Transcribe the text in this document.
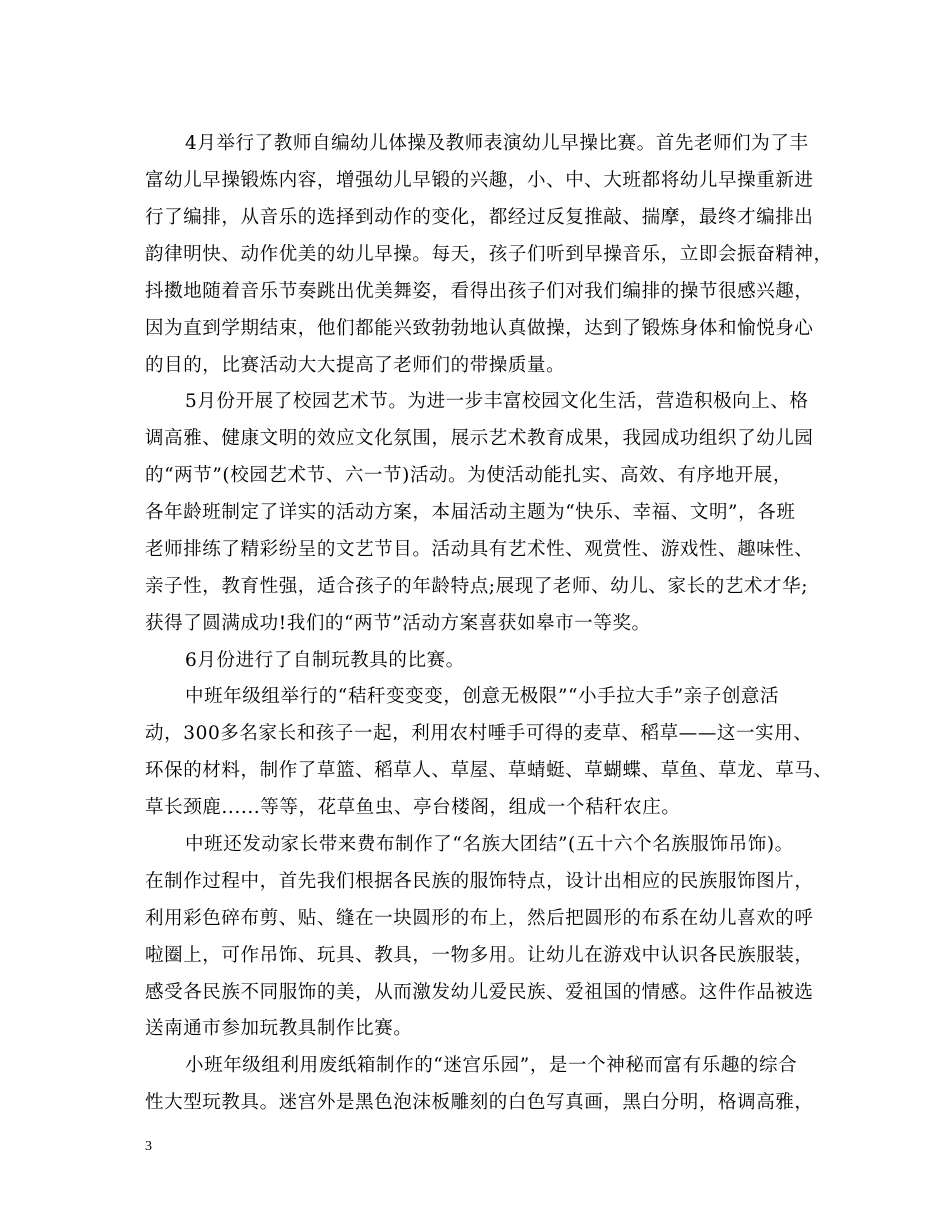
4月举行了教师自编幼儿体操及教师表演幼儿早操比赛。首先老师们为了丰
富幼儿早操锻炼内容，增强幼儿早锻的兴趣，小、中、大班都将幼儿早操重新进
行了编排，从音乐的选择到动作的变化，都经过反复推敲、揣摩，最终才编排出
韵律明快、动作优美的幼儿早操。每天，孩子们听到早操音乐，立即会振奋精神，
抖擞地随着音乐节奏跳出优美舞姿，看得出孩子们对我们编排的操节很感兴趣，
因为直到学期结束，他们都能兴致勃勃地认真做操，达到了锻炼身体和愉悦身心
的目的，比赛活动大大提高了老师们的带操质量。
5月份开展了校园艺术节。为进一步丰富校园文化生活，营造积极向上、格
调高雅、健康文明的效应文化氛围，展示艺术教育成果，我园成功组织了幼儿园
的“两节”(校园艺术节、六一节)活动。为使活动能扎实、高效、有序地开展，
各年龄班制定了详实的活动方案，本届活动主题为“快乐、幸福、文明”，各班
老师排练了精彩纷呈的文艺节目。活动具有艺术性、观赏性、游戏性、趣味性、
亲子性，教育性强，适合孩子的年龄特点;展现了老师、幼儿、家长的艺术才华;
获得了圆满成功!我们的“两节”活动方案喜获如皋市一等奖。
6月份进行了自制玩教具的比赛。
中班年级组举行的“秸秆变变变，创意无极限”“小手拉大手”亲子创意活
动，300多名家长和孩子一起，利用农村唾手可得的麦草、稻草——这一实用、
环保的材料，制作了草篮、稻草人、草屋、草蜻蜓、草蝴蝶、草鱼、草龙、草马、
草长颈鹿......等等，花草鱼虫、亭台楼阁，组成一个秸秆农庄。
中班还发动家长带来费布制作了“名族大团结”(五十六个名族服饰吊饰)。
在制作过程中，首先我们根据各民族的服饰特点，设计出相应的民族服饰图片，
利用彩色碎布剪、贴、缝在一块圆形的布上，然后把圆形的布系在幼儿喜欢的呼
啦圈上，可作吊饰、玩具、教具，一物多用。让幼儿在游戏中认识各民族服装，
感受各民族不同服饰的美，从而激发幼儿爱民族、爱祖国的情感。这件作品被选
送南通市参加玩教具制作比赛。
小班年级组利用废纸箱制作的“迷宫乐园”，是一个神秘而富有乐趣的综合
性大型玩教具。迷宫外是黑色泡沫板雕刻的白色写真画，黑白分明，格调高雅，
3
